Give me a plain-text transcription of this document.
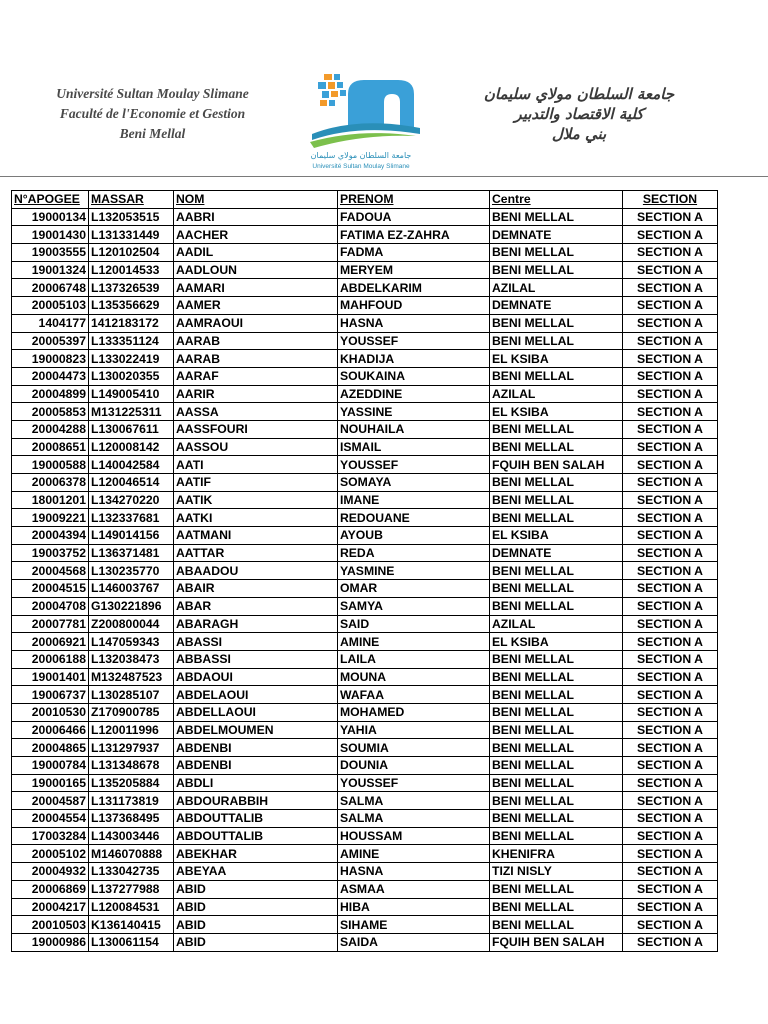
Université Sultan Moulay Slimane
Faculté de l'Economie et Gestion
Beni Mellal
جامعة السلطان مولاي سليمان
Université Sultan Moulay Slimane
جامعة السلطان مولاي سليمان
كلية الاقتصاد والتدبير
بني ملال
N°APOGEE	MASSAR	NOM	PRENOM	Centre	SECTION
19000134	L132053515	AABRI	FADOUA	BENI MELLAL	SECTION A
19001430	L131331449	AACHER	FATIMA EZ-ZAHRA	DEMNATE	SECTION A
19003555	L120102504	AADIL	FADMA	BENI MELLAL	SECTION A
19001324	L120014533	AADLOUN	MERYEM	BENI MELLAL	SECTION A
20006748	L137326539	AAMARI	ABDELKARIM	AZILAL	SECTION A
20005103	L135356629	AAMER	MAHFOUD	DEMNATE	SECTION A
1404177	1412183172	AAMRAOUI	HASNA	BENI MELLAL	SECTION A
20005397	L133351124	AARAB	YOUSSEF	BENI MELLAL	SECTION A
19000823	L133022419	AARAB	KHADIJA	EL KSIBA	SECTION A
20004473	L130020355	AARAF	SOUKAINA	BENI MELLAL	SECTION A
20004899	L149005410	AARIR	AZEDDINE	AZILAL	SECTION A
20005853	M131225311	AASSA	YASSINE	EL KSIBA	SECTION A
20004288	L130067611	AASSFOURI	NOUHAILA	BENI MELLAL	SECTION A
20008651	L120008142	AASSOU	ISMAIL	BENI MELLAL	SECTION A
19000588	L140042584	AATI	YOUSSEF	FQUIH BEN SALAH	SECTION A
20006378	L120046514	AATIF	SOMAYA	BENI MELLAL	SECTION A
18001201	L134270220	AATIK	IMANE	BENI MELLAL	SECTION A
19009221	L132337681	AATKI	REDOUANE	BENI MELLAL	SECTION A
20004394	L149014156	AATMANI	AYOUB	EL KSIBA	SECTION A
19003752	L136371481	AATTAR	REDA	DEMNATE	SECTION A
20004568	L130235770	ABAADOU	YASMINE	BENI MELLAL	SECTION A
20004515	L146003767	ABAIR	OMAR	BENI MELLAL	SECTION A
20004708	G130221896	ABAR	SAMYA	BENI MELLAL	SECTION A
20007781	Z200800044	ABARAGH	SAID	AZILAL	SECTION A
20006921	L147059343	ABASSI	AMINE	EL KSIBA	SECTION A
20006188	L132038473	ABBASSI	LAILA	BENI MELLAL	SECTION A
19001401	M132487523	ABDAOUI	MOUNA	BENI MELLAL	SECTION A
19006737	L130285107	ABDELAOUI	WAFAA	BENI MELLAL	SECTION A
20010530	Z170900785	ABDELLAOUI	MOHAMED	BENI MELLAL	SECTION A
20006466	L120011996	ABDELMOUMEN	YAHIA	BENI MELLAL	SECTION A
20004865	L131297937	ABDENBI	SOUMIA	BENI MELLAL	SECTION A
19000784	L131348678	ABDENBI	DOUNIA	BENI MELLAL	SECTION A
19000165	L135205884	ABDLI	YOUSSEF	BENI MELLAL	SECTION A
20004587	L131173819	ABDOURABBIH	SALMA	BENI MELLAL	SECTION A
20004554	L137368495	ABDOUTTALIB	SALMA	BENI MELLAL	SECTION A
17003284	L143003446	ABDOUTTALIB	HOUSSAM	BENI MELLAL	SECTION A
20005102	M146070888	ABEKHAR	AMINE	KHENIFRA	SECTION A
20004932	L133042735	ABEYAA	HASNA	TIZI NISLY	SECTION A
20006869	L137277988	ABID	ASMAA	BENI MELLAL	SECTION A
20004217	L120084531	ABID	HIBA	BENI MELLAL	SECTION A
20010503	K136140415	ABID	SIHAME	BENI MELLAL	SECTION A
19000986	L130061154	ABID	SAIDA	FQUIH BEN SALAH	SECTION A
